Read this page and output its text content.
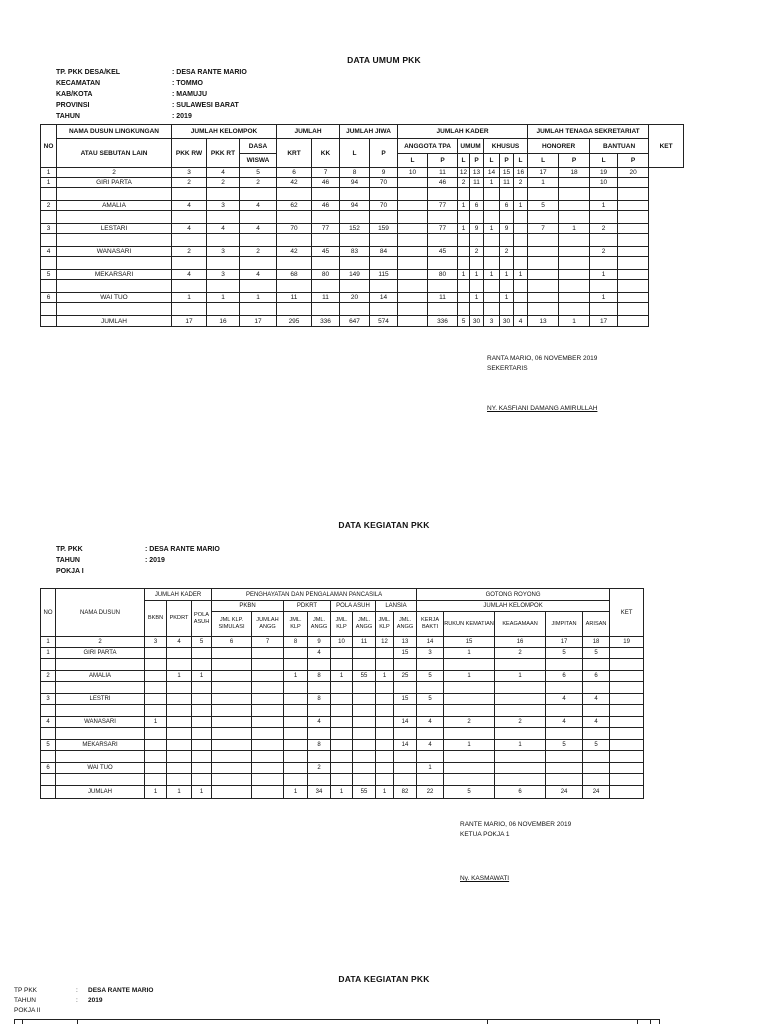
DATA UMUM PKK
TP. PKK DESA/KEL	: DESA RANTE MARIO
KECAMATAN	: TOMMO
KAB/KOTA	: MAMUJU
PROVINSI	: SULAWESI BARAT
TAHUN	: 2019
NO	NAMA DUSUN LINGKUNGAN	JUMLAH KELOMPOK			JUMLAH		JUMLAH JIWA		JUMLAH KADER							JUMLAH TENAGA SEKRETARIAT				KET
	ATAU SEBUTAN LAIN	PKK RW	PKK RT	DASA	KRT	KK	L	P	ANGGOTA TPA		UMUM		KHUSUS			HONORER		BANTUAN		
				WISWA					L	P	L	P	L	P	L	L	P	L	P	
1	2	3	4	5	6	7	8	9	10	11	12	13	14	15	16	17	18	19	20	
1	GIRI PARTA	2	2	2	42	46	94	70		46	2	11	1	11	2	1		10		

2	AMALIA	4	3	4	62	46	94	70		77	1	6		6	1	5		1		

3	LESTARI	4	4	4	70	77	152	159		77	1	9	1	9		7	1	2		

4	WANASARI	2	3	2	42	45	83	84		45		2		2				2		

5	MEKARSARI	4	3	4	68	80	149	115		80	1	1	1	1	1			1		

6	WAI TUO	1	1	1	11	11	20	14		11		1		1				1		

	JUMLAH	17	16	17	295	336	647	574		336	5	30	3	30	4	13	1	17		
RANTA MARIO, 06 NOVEMBER 2019
SEKERTARIS
NY. KASFIANI DAMANG AMIRULLAH
DATA KEGIATAN PKK
TP. PKK	: DESA RANTE MARIO
TAHUN	: 2019
POKJA I
NO	NAMA DUSUN	JUMLAH KADER			PENGHAYATAN DAN PENGALAMAN PANCASILA								GOTONG ROYONG					KET
		BKBN	PKDRT	POLA ASUH	PKBN		PDKRT		POLA ASUH		LANSIA		JUMLAH KELOMPOK					
					JML KLP. SIMULASI	JUMLAH ANGG	JML. KLP	JML. ANGG	JML. KLP	JML. ANGG	JML. KLP	JML. ANGG	KERJA BAKTI	RUKUN KEMATIAN	KEAGAMAAN	JIMPITAN	ARISAN	
1	2	3	4	5	6	7	8	9	10	11	12	13	14	15	16	17	18	19
1	GIRI PARTA							4				15	3	1	2	5	5	

2	AMALIA		1	1			1	8	1	55	1	25	5	1	1	6	6	

3	LESTRI							8				15	5			4	4	

4	WANASARI	1						4				14	4	2	2	4	4	

5	MEKARSARI							8				14	4	1	1	5	5	

6	WAI TUO							2					1					

	JUMLAH	1	1	1			1	34	1	55	1	82	22	5	6	24	24	
RANTE MARIO, 06 NOVEMBER 2019
KETUA POKJA 1
Ny. KASMAWATI
DATA KEGIATAN PKK
TP PKK	:	DESA RANTE MARIO
TAHUN	:	2019
POKJA II
